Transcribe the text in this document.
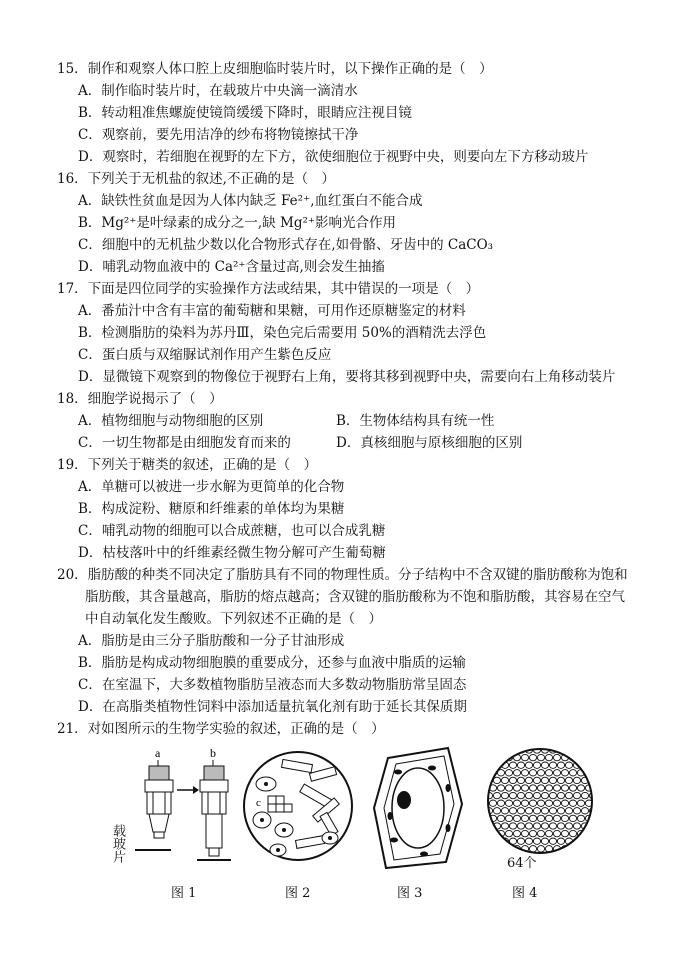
15．制作和观察人体口腔上皮细胞临时装片时，以下操作正确的是（　）
A．制作临时装片时，在载玻片中央滴一滴清水
B．转动粗准焦螺旋使镜筒缓缓下降时，眼睛应注视目镜
C．观察前，要先用洁净的纱布将物镜擦拭干净
D．观察时，若细胞在视野的左下方，欲使细胞位于视野中央，则要向左下方移动玻片
16．下列关于无机盐的叙述,不正确的是（　）
A．缺铁性贫血是因为人体内缺乏 Fe²⁺,血红蛋白不能合成
B．Mg²⁺是叶绿素的成分之一,缺 Mg²⁺影响光合作用
C．细胞中的无机盐少数以化合物形式存在,如骨骼、牙齿中的 CaCO₃
D．哺乳动物血液中的 Ca²⁺含量过高,则会发生抽搐
17．下面是四位同学的实验操作方法或结果，其中错误的一项是（　）
A．番茄汁中含有丰富的葡萄糖和果糖，可用作还原糖鉴定的材料
B．检测脂肪的染料为苏丹Ⅲ，染色完后需要用 50%的酒精洗去浮色
C．蛋白质与双缩脲试剂作用产生紫色反应
D．显微镜下观察到的物像位于视野右上角，要将其移到视野中央，需要向右上角移动装片
18．细胞学说揭示了（　）
A．植物细胞与动物细胞的区别	B．生物体结构具有统一性
C．一切生物都是由细胞发育而来的	D．真核细胞与原核细胞的区别
19．下列关于糖类的叙述，正确的是（　）
A．单糖可以被进一步水解为更简单的化合物
B．构成淀粉、糖原和纤维素的单体均为果糖
C．哺乳动物的细胞可以合成蔗糖，也可以合成乳糖
D．枯枝落叶中的纤维素经微生物分解可产生葡萄糖
20．脂肪酸的种类不同决定了脂肪具有不同的物理性质。分子结构中不含双键的脂肪酸称为饱和
脂肪酸，其含量越高，脂肪的熔点越高；含双键的脂肪酸称为不饱和脂肪酸，其容易在空气
中自动氧化发生酸败。下列叙述不正确的是（　）
A．脂肪是由三分子脂肪酸和一分子甘油形成
B．脂肪是构成动物细胞膜的重要成分，还参与血液中脂质的运输
C．在室温下，大多数植物脂肪呈液态而大多数动物脂肪常呈固态
D．在高脂类植物性饲料中添加适量抗氧化剂有助于延长其保质期
21．对如图所示的生物学实验的叙述，正确的是（　）
a	b
载玻片
图 1
c
图 2	图 3
64个
图 4
